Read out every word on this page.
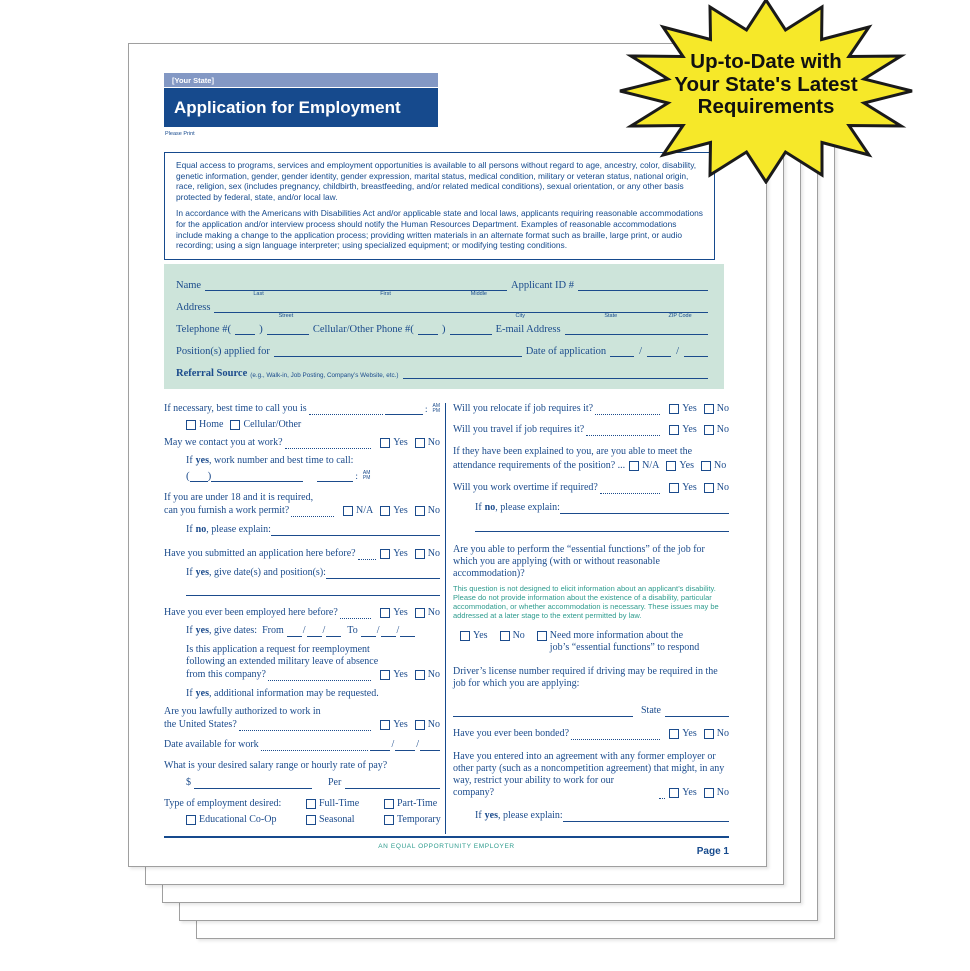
[Your State]
Application for Employment
Please Print

Equal access to programs, services and employment opportunities is available to all persons without regard to age, ancestry, color, disability, genetic information, gender, gender identity, gender expression, marital status, medical condition, military or veteran status, national origin, race, religion, sex (includes pregnancy, childbirth, breastfeeding, and/or related medical conditions), sexual orientation, or any other basis protected by federal, state, and/or local law.

In accordance with the Americans with Disabilities Act and/or applicable state and local laws, applicants requiring reasonable accommodations for the application and/or interview process should notify the Human Resources Department. Examples of reasonable accommodations include making a change to the application process; providing written materials in an alternate format such as braille, large print, or audio recording; using a sign language interpreter; using specialized equipment; or modifying testing conditions.

Name
Last	First	Middle
Applicant ID #
Address
Street	City	State	ZIP Code
Telephone # (	)	Cellular/Other Phone # (	)	E-mail Address
Position(s) applied for	Date of application	/	/
Referral Source (e.g., Walk-in, Job Posting, Company’s Website, etc.)
If necessary, best time to call you is	: AM
PM
Home Cellular/Other
May we contact you at work?	Yes No
If yes, work number and best time to call:
( )	: AM
PM
If you are under 18 and it is required,
can you furnish a work permit?	N/A Yes No
If no , please explain:
Have you submitted an application here before?	Yes No
If yes , give date(s) and position(s):
Have you ever been employed here before?	Yes No
If yes , give dates: From / / To / /
Is this application a request for reemployment
following an extended military leave of absence
from this company?	Yes No
If yes, additional information may be requested.
Are you lawfully authorized to work in
the United States?	Yes No
Date available for work	/ /
What is your desired salary range or hourly rate of pay?
$	Per
Type of employment desired:	Full-Time	Part-Time
Educational Co-Op	Seasonal	Temporary
Will you relocate if job requires it?	Yes No
Will you travel if job requires it?	Yes No
If they have been explained to you, are you able to meet the
attendance requirements of the position? ... N/A Yes No
Will you work overtime if required?	Yes No
If no , please explain:
Are you able to perform the “essential functions” of the job for which you are applying (with or without reasonable accommodation)?
This question is not designed to elicit information about an applicant’s disability. Please do not provide information about the existence of a disability, particular accommodation, or whether accommodation is necessary. These issues may be addressed at a later stage to the extent permitted by law.
Yes	No	Need more information about the
job’s “essential functions” to respond
Driver’s license number required if driving may be required in the job for which you are applying:
State
Have you ever been bonded?	Yes No
Have you entered into an agreement with any former employer or
other party (such as a noncompetition agreement) that might, in any
way, restrict your ability to work for our company?	Yes No
If yes , please explain:
AN EQUAL OPPORTUNITY EMPLOYER	Page 1
Up-to-Date with
Your State's Latest
Requirements
